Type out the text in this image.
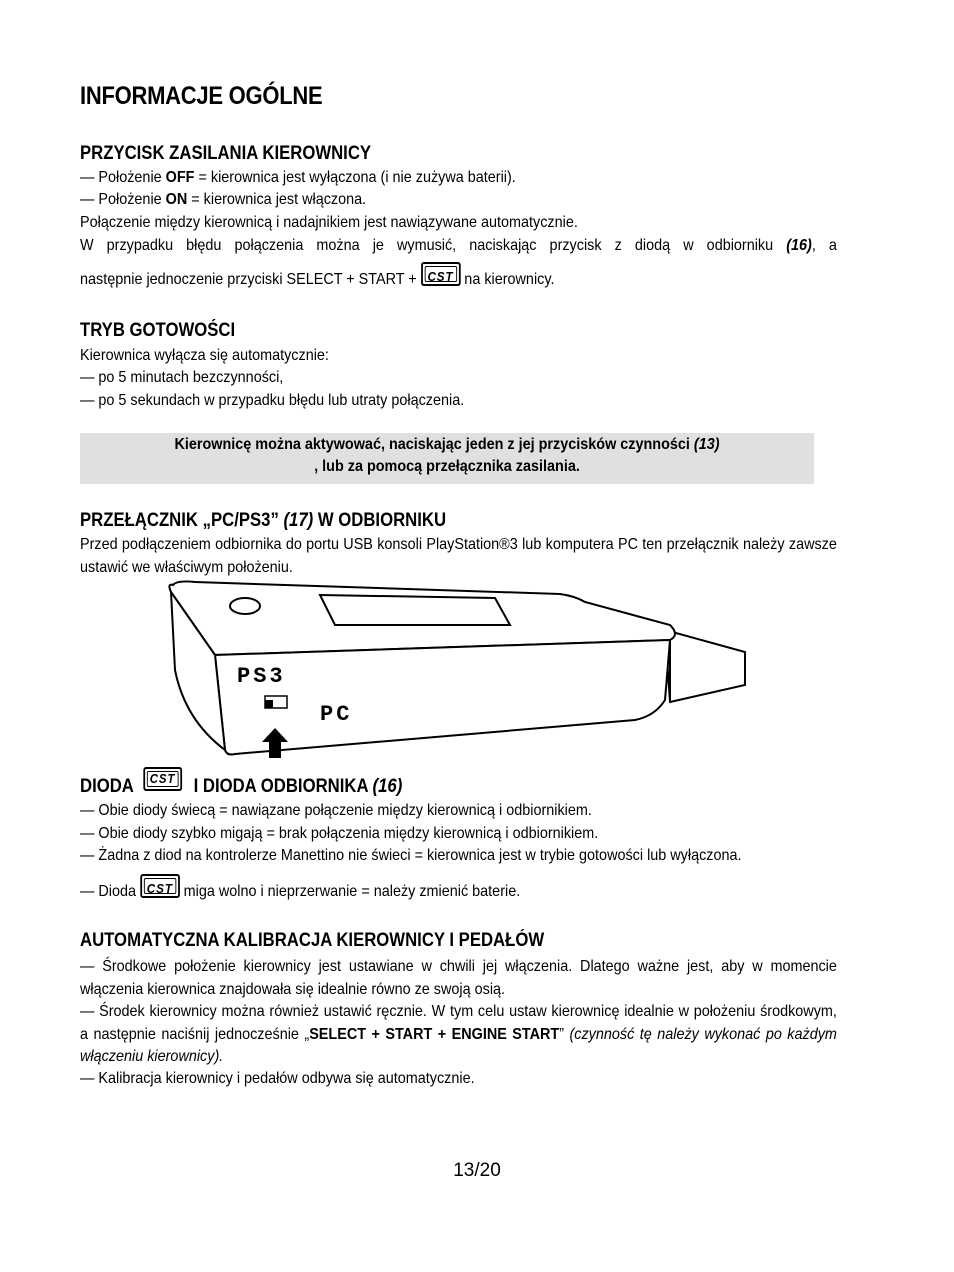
INFORMACJE OGÓLNE
PRZYCISK ZASILANIA KIEROWNICY
— Położenie OFF = kierownica jest wyłączona (i nie zużywa baterii).
— Położenie ON = kierownica jest włączona.
Połączenie między kierownicą i nadajnikiem jest nawiązywane automatycznie.
W przypadku błędu połączenia można je wymusić, naciskając przycisk z diodą w odbiorniku (16), a
następnie jednoczenie przyciski SELECT + START + CST na kierownicy.
TRYB GOTOWOŚCI
Kierownica wyłącza się automatycznie:
— po 5 minutach bezczynności,
— po 5 sekundach w przypadku błędu lub utraty połączenia.
Kierownicę można aktywować, naciskając jeden z jej przycisków czynności (13)
, lub za pomocą przełącznika zasilania.
PRZEŁĄCZNIK „PC/PS3” (17) W ODBIORNIKU
Przed podłączeniem odbiornika do portu USB konsoli PlayStation®3 lub komputera PC ten przełącznik należy zawsze ustawić we właściwym położeniu.
PS3
PC
DIODA CST I DIODA ODBIORNIKA (16)
— Obie diody świecą = nawiązane połączenie między kierownicą i odbiornikiem.
— Obie diody szybko migają = brak połączenia między kierownicą i odbiornikiem.
— Żadna z diod na kontrolerze Manettino nie świeci = kierownica jest w trybie gotowości lub wyłączona.
— Dioda CST miga wolno i nieprzerwanie = należy zmienić baterie.
AUTOMATYCZNA KALIBRACJA KIEROWNICY I PEDAŁÓW
— Środkowe położenie kierownicy jest ustawiane w chwili jej włączenia. Dlatego ważne jest, aby w momencie włączenia kierownica znajdowała się idealnie równo ze swoją osią.
— Środek kierownicy można również ustawić ręcznie. W tym celu ustaw kierownicę idealnie w położeniu środkowym, a następnie naciśnij jednocześnie „SELECT + START + ENGINE START” (czynność tę należy wykonać po każdym włączeniu kierownicy).
— Kalibracja kierownicy i pedałów odbywa się automatycznie.
13/20
